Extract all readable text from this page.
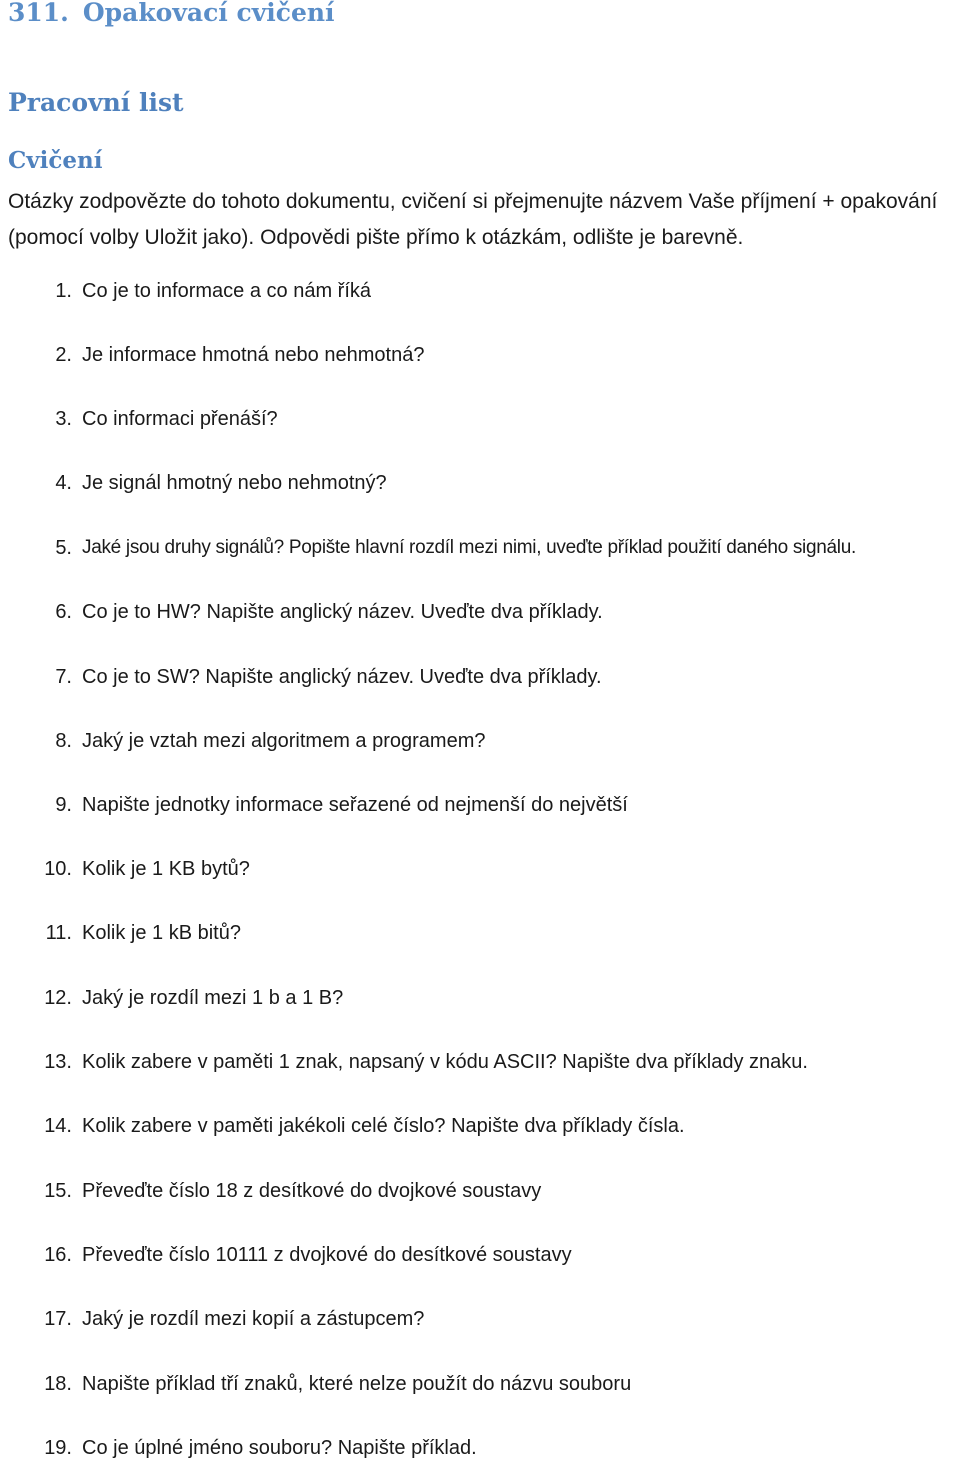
311. Opakovací cvičení
Pracovní list
Cvičení

Otázky zodpovězte do tohoto dokumentu, cvičení si přejmenujte názvem Vaše příjmení + opakování (pomocí volby Uložit jako). Odpovědi pište přímo k otázkám, odlište je barevně.

1. Co je to informace a co nám říká
2. Je informace hmotná nebo nehmotná?
3. Co informaci přenáší?
4. Je signál hmotný nebo nehmotný?
5. Jaké jsou druhy signálů? Popište hlavní rozdíl mezi nimi, uveďte příklad použití daného signálu.
6. Co je to HW? Napište anglický název. Uveďte dva příklady.
7. Co je to SW? Napište anglický název. Uveďte dva příklady.
8. Jaký je vztah mezi algoritmem a programem?
9. Napište jednotky informace seřazené od nejmenší do největší
10. Kolik je 1 KB bytů?
11. Kolik je 1 kB bitů?
12. Jaký je rozdíl mezi 1 b a 1 B?
13. Kolik zabere v paměti 1 znak, napsaný v kódu ASCII? Napište dva příklady znaku.
14. Kolik zabere v paměti jakékoli celé číslo? Napište dva příklady čísla.
15. Převeďte číslo 18 z desítkové do dvojkové soustavy
16. Převeďte číslo 10111 z dvojkové do desítkové soustavy
17. Jaký je rozdíl mezi kopií a zástupcem?
18. Napište příklad tří znaků, které nelze použít do názvu souboru
19. Co je úplné jméno souboru? Napište příklad.
